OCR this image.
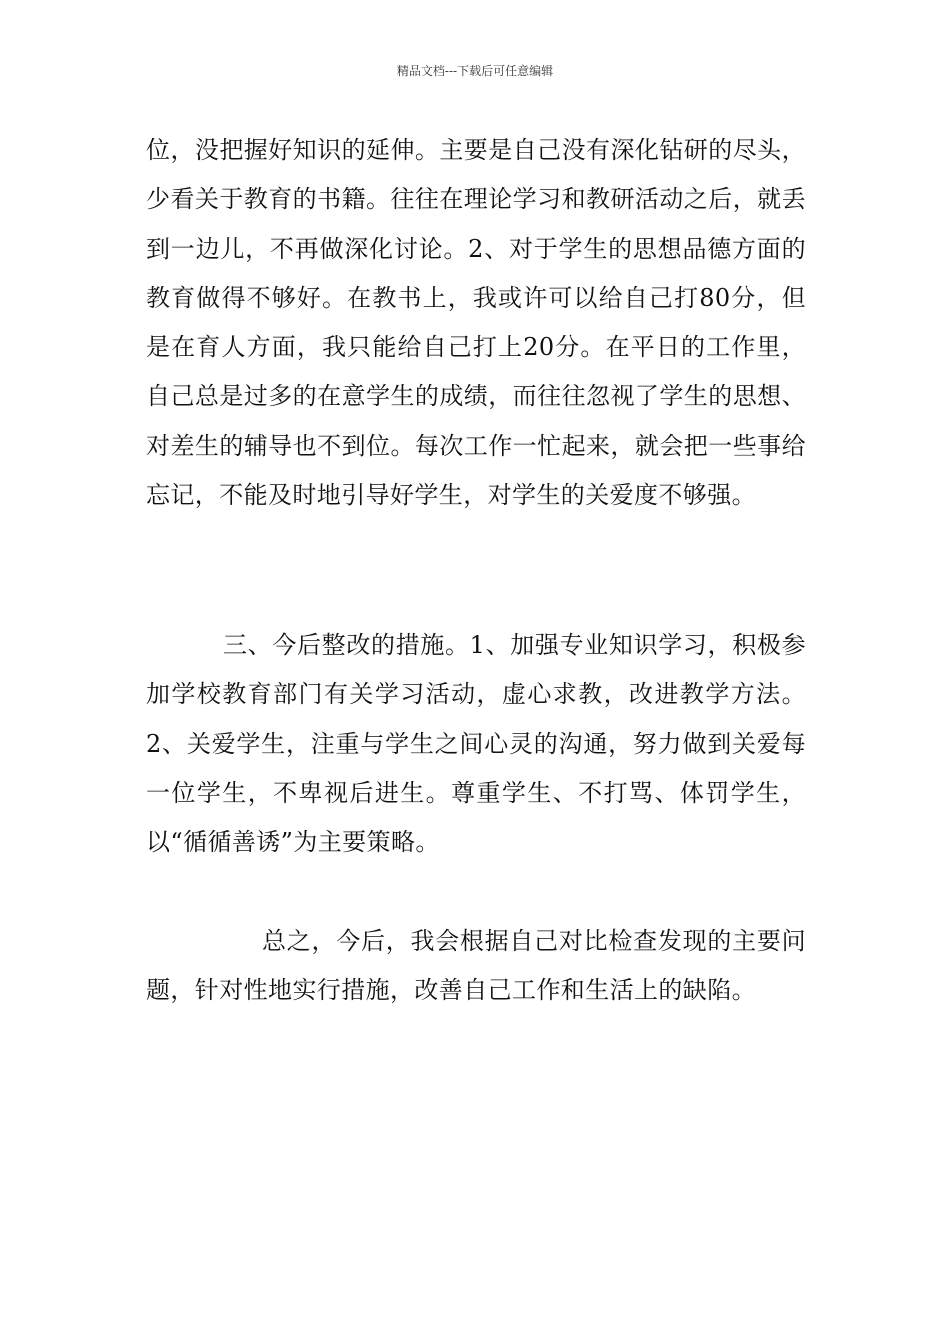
精品文档---下载后可任意编辑

位，没把握好知识的延伸。主要是自己没有深化钻研的尽头，少看关于教育的书籍。往往在理论学习和教研活动之后，就丢到一边儿，不再做深化讨论。2、对于学生的思想品德方面的教育做得不够好。在教书上，我或许可以给自己打80分，但是在育人方面，我只能给自己打上20分。在平日的工作里，自己总是过多的在意学生的成绩，而往往忽视了学生的思想、对差生的辅导也不到位。每次工作一忙起来，就会把一些事给忘记，不能及时地引导好学生，对学生的关爱度不够强。

三、今后整改的措施。1、加强专业知识学习，积极参加学校教育部门有关学习活动，虚心求教，改进教学方法。2、关爱学生，注重与学生之间心灵的沟通，努力做到关爱每一位学生，不卑视后进生。尊重学生、不打骂、体罚学生，以“循循善诱”为主要策略。

总之，今后，我会根据自己对比检查发现的主要问题，针对性地实行措施，改善自己工作和生活上的缺陷。
